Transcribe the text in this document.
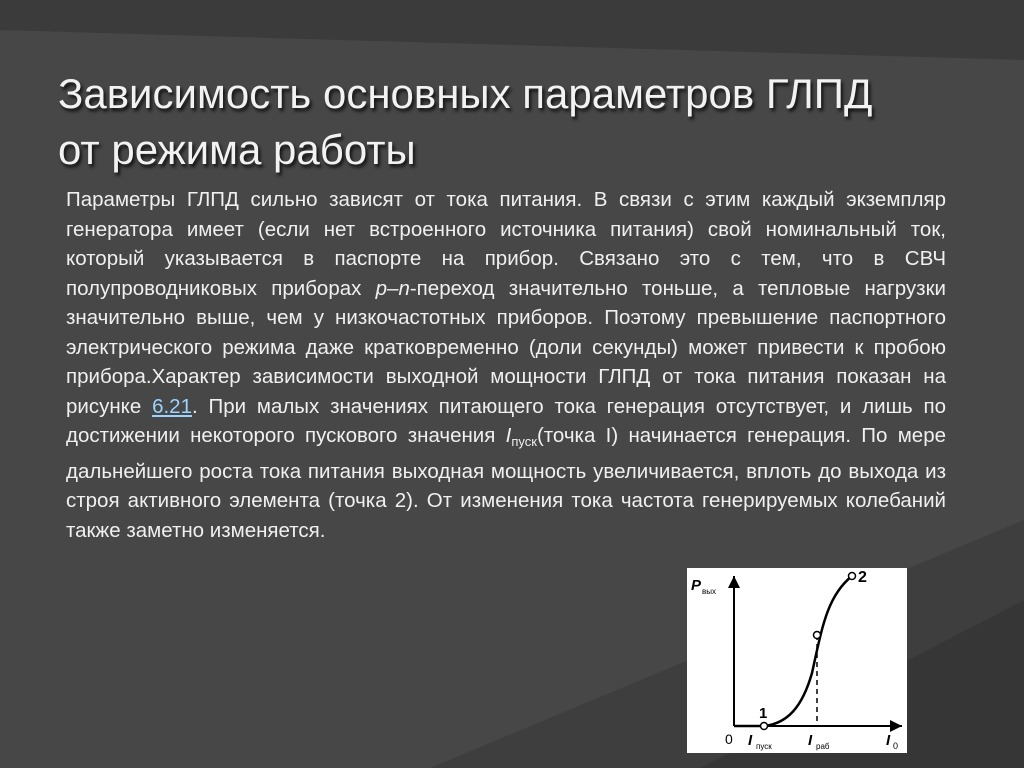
Зависимость основных параметров ГЛПД
от режима работы
Параметры ГЛПД сильно зависят от тока питания. В связи с этим каждый экземпляр генератора имеет (если нет встроенного источника питания) свой номинальный ток, который указывается в паспорте на прибор. Связано это с тем, что в СВЧ полупроводниковых приборах p–n-переход значительно тоньше, а тепловые нагрузки значительно выше, чем у низкочастотных приборов. Поэтому превышение паспортного электрического режима даже кратковременно (доли секунды) может привести к пробою прибора.Характер зависимости выходной мощности ГЛПД от тока питания показан на рисунке 6.21. При малых значениях питающего тока генерация отсутствует, и лишь по достижении некоторого пускового значения $I_{пуск}(точка$ I) начинается генерация. По мере дальнейшего роста тока питания выходная мощность увеличивается, вплоть до выхода из строя активного элемента (точка 2). От изменения тока частота генерируемых колебаний также заметно изменяется.
1
2
P вых
0	I 0
I пуск I раб
